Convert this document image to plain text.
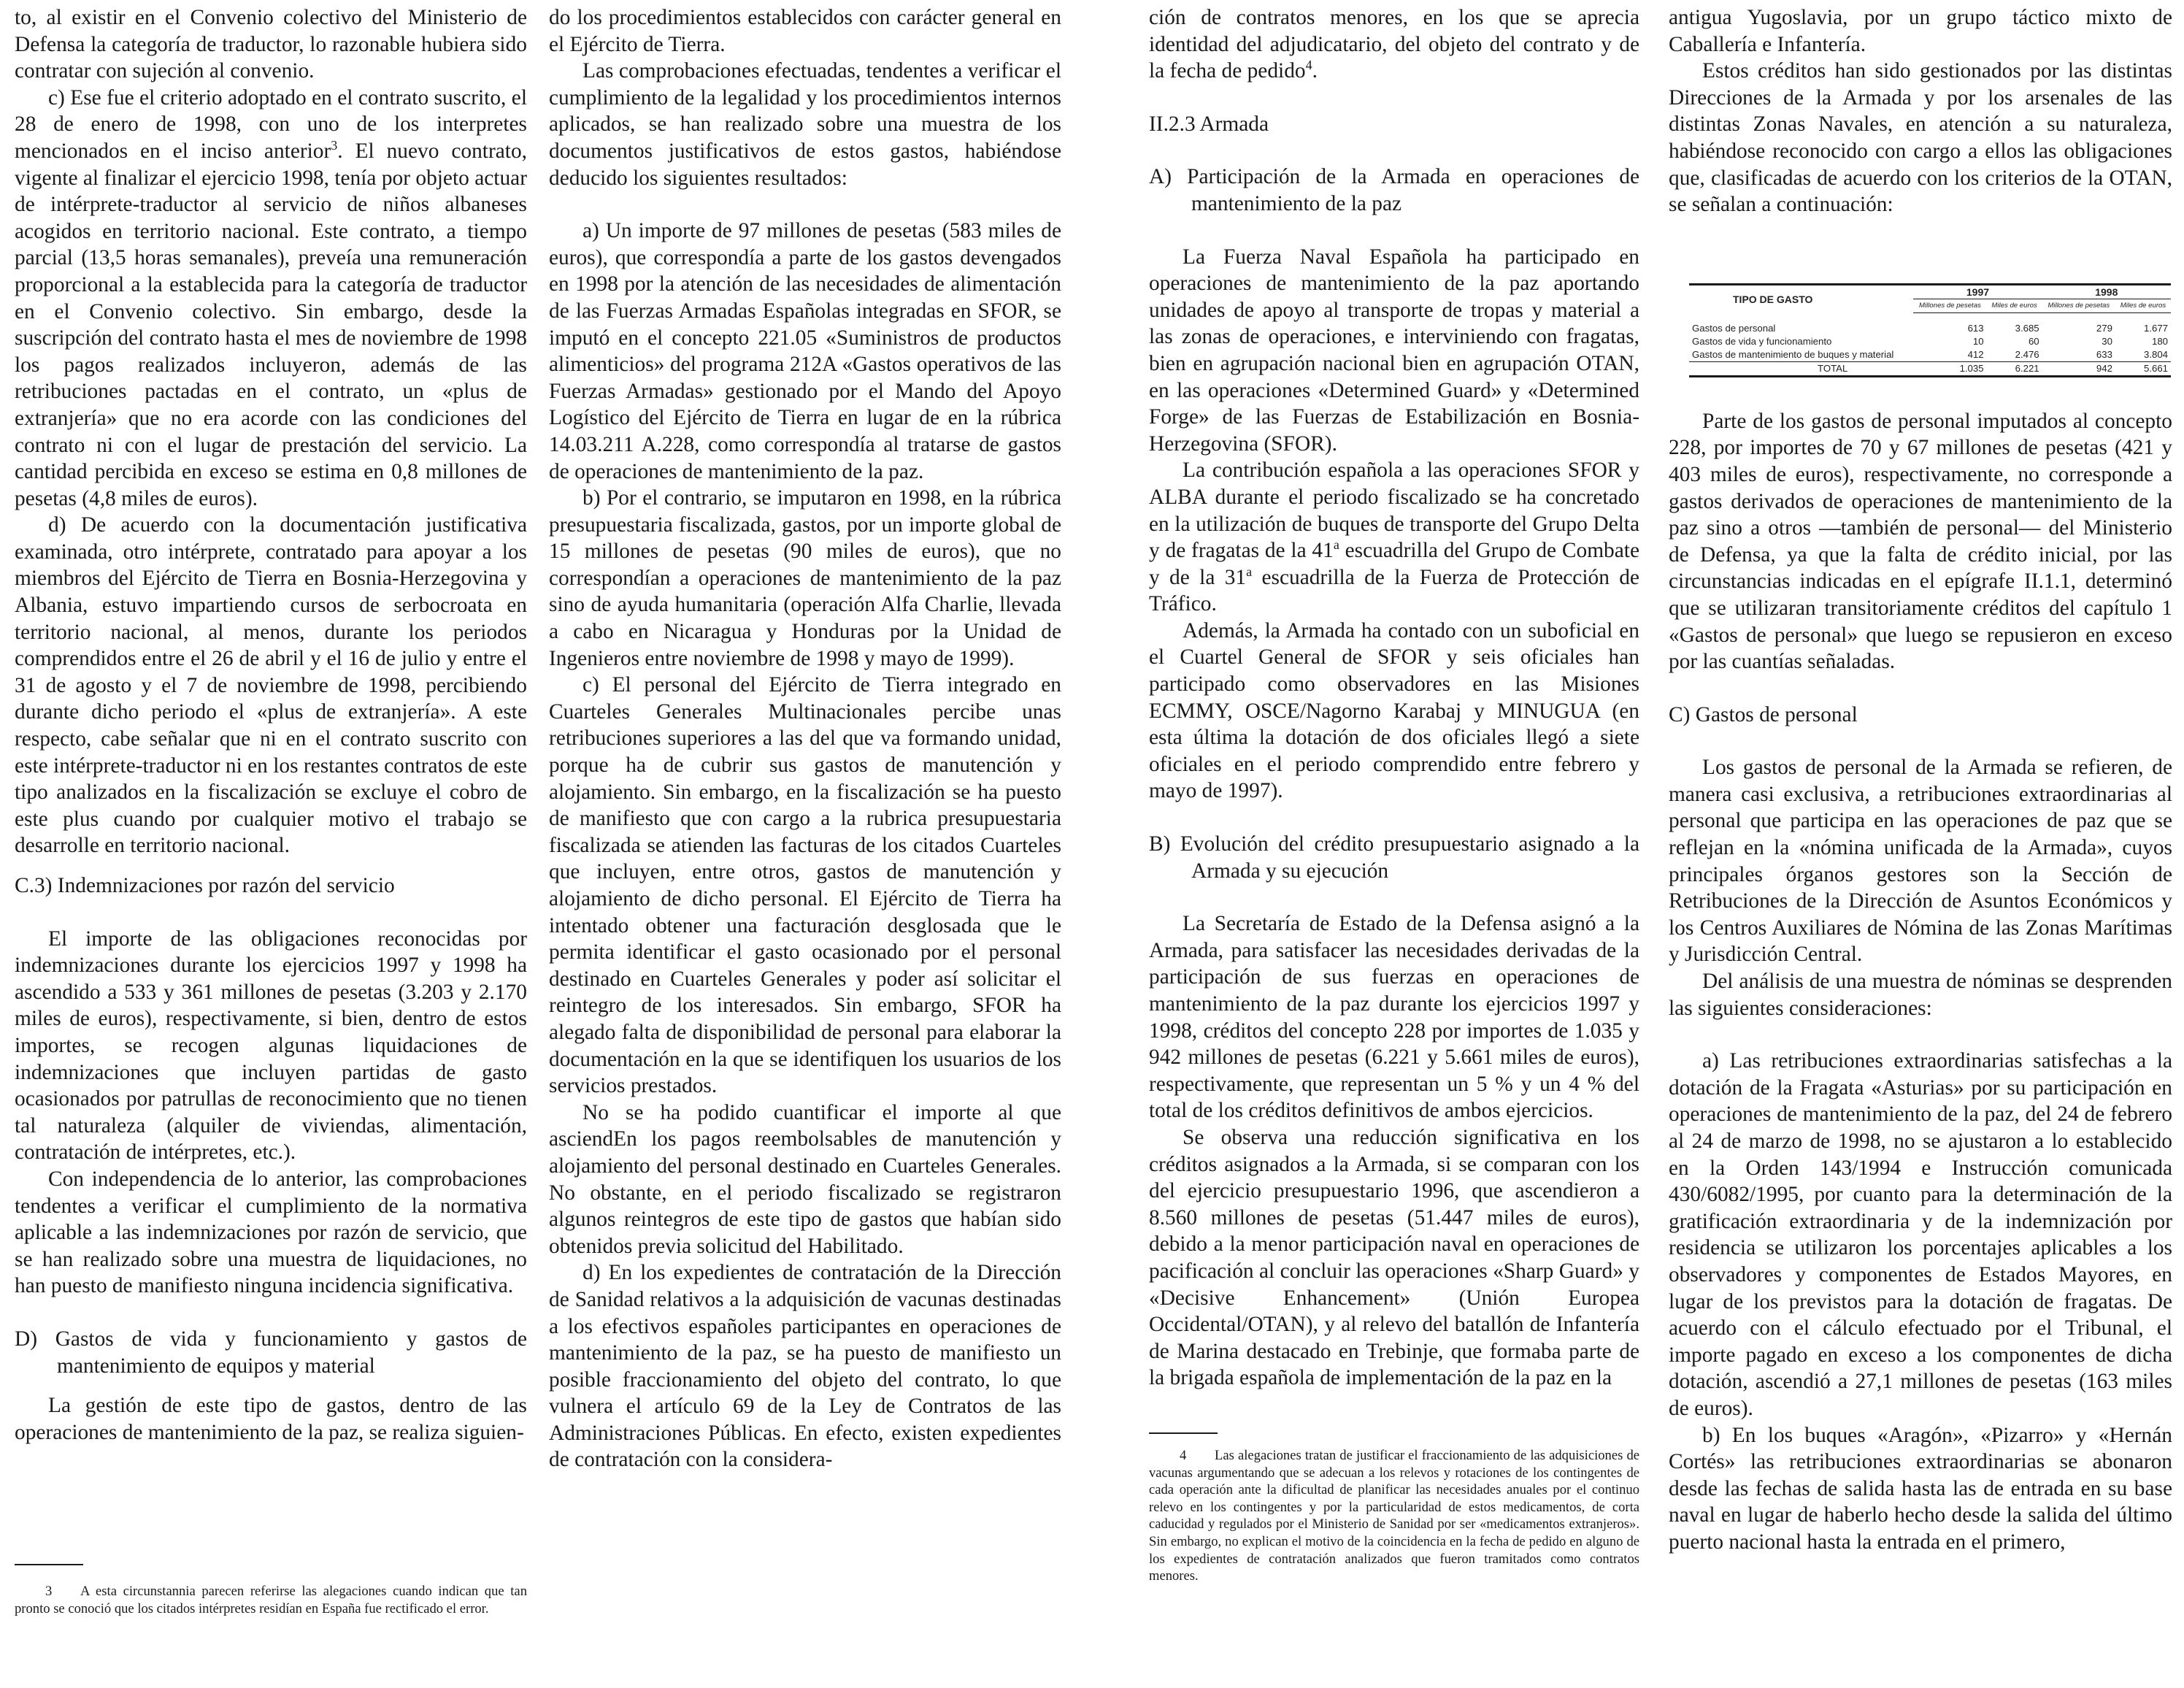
to, al existir en el Convenio colectivo del Ministerio de Defensa la categoría de traductor, lo razonable hubiera sido contratar con sujeción al convenio.

c) Ese fue el criterio adoptado en el contrato suscrito, el 28 de enero de 1998, con uno de los interpretes mencionados en el inciso anterior$^3$. El nuevo contrato, vigente al finalizar el ejercicio 1998, tenía por objeto actuar de intérprete-traductor al servicio de niños albaneses acogidos en territorio nacional. Este contrato, a tiempo parcial (13,5 horas semanales), preveía una remuneración proporcional a la establecida para la categoría de traductor en el Convenio colectivo. Sin embargo, desde la suscripción del contrato hasta el mes de noviembre de 1998 los pagos realizados incluyeron, además de las retribuciones pactadas en el contrato, un «plus de extranjería» que no era acorde con las condiciones del contrato ni con el lugar de prestación del servicio. La cantidad percibida en exceso se estima en 0,8 millones de pesetas (4,8 miles de euros).

d) De acuerdo con la documentación justificativa examinada, otro intérprete, contratado para apoyar a los miembros del Ejército de Tierra en Bosnia-Herzegovina y Albania, estuvo impartiendo cursos de serbocroata en territorio nacional, al menos, durante los periodos comprendidos entre el 26 de abril y el 16 de julio y entre el 31 de agosto y el 7 de noviembre de 1998, percibiendo durante dicho periodo el «plus de extranjería». A este respecto, cabe señalar que ni en el contrato suscrito con este intérprete-traductor ni en los restantes contratos de este tipo analizados en la fiscalización se excluye el cobro de este plus cuando por cualquier motivo el trabajo se desarrolle en territorio nacional.

C.3) Indemnizaciones por razón del servicio

El importe de las obligaciones reconocidas por indemnizaciones durante los ejercicios 1997 y 1998 ha ascendido a 533 y 361 millones de pesetas (3.203 y 2.170 miles de euros), respectivamente, si bien, dentro de estos importes, se recogen algunas liquidaciones de indemnizaciones que incluyen partidas de gasto ocasionados por patrullas de reconocimiento que no tienen tal naturaleza (alquiler de viviendas, alimentación, contratación de intérpretes, etc.).

Con independencia de lo anterior, las comprobaciones tendentes a verificar el cumplimiento de la normativa aplicable a las indemnizaciones por razón de servicio, que se han realizado sobre una muestra de liquidaciones, no han puesto de manifiesto ninguna incidencia significativa.

D) Gastos de vida y funcionamiento y gastos de mantenimiento de equipos y material

La gestión de este tipo de gastos, dentro de las operaciones de mantenimiento de la paz, se realiza siguien-

3 A esta circunstannia parecen referirse las alegaciones cuando indican que tan pronto se conoció que los citados intérpretes residían en España fue rectificado el error.

do los procedimientos establecidos con carácter general en el Ejército de Tierra.

Las comprobaciones efectuadas, tendentes a verificar el cumplimiento de la legalidad y los procedimientos internos aplicados, se han realizado sobre una muestra de los documentos justificativos de estos gastos, habiéndose deducido los siguientes resultados:

a) Un importe de 97 millones de pesetas (583 miles de euros), que correspondía a parte de los gastos devengados en 1998 por la atención de las necesidades de alimentación de las Fuerzas Armadas Españolas integradas en SFOR, se imputó en el concepto 221.05 «Suministros de productos alimenticios» del programa 212A «Gastos operativos de las Fuerzas Armadas» gestionado por el Mando del Apoyo Logístico del Ejército de Tierra en lugar de en la rúbrica 14.03.211 A.228, como correspondía al tratarse de gastos de operaciones de mantenimiento de la paz.

b) Por el contrario, se imputaron en 1998, en la rúbrica presupuestaria fiscalizada, gastos, por un importe global de 15 millones de pesetas (90 miles de euros), que no correspondían a operaciones de mantenimiento de la paz sino de ayuda humanitaria (operación Alfa Charlie, llevada a cabo en Nicaragua y Honduras por la Unidad de Ingenieros entre noviembre de 1998 y mayo de 1999).

c) El personal del Ejército de Tierra integrado en Cuarteles Generales Multinacionales percibe unas retribuciones superiores a las del que va formando unidad, porque ha de cubrir sus gastos de manutención y alojamiento. Sin embargo, en la fiscalización se ha puesto de manifiesto que con cargo a la rubrica presupuestaria fiscalizada se atienden las facturas de los citados Cuarteles que incluyen, entre otros, gastos de manutención y alojamiento de dicho personal. El Ejército de Tierra ha intentado obtener una facturación desglosada que le permita identificar el gasto ocasionado por el personal destinado en Cuarteles Generales y poder así solicitar el reintegro de los interesados. Sin embargo, SFOR ha alegado falta de disponibilidad de personal para elaborar la documentación en la que se identifiquen los usuarios de los servicios prestados.

No se ha podido cuantificar el importe al que asciendEn los pagos reembolsables de manutención y alojamiento del personal destinado en Cuarteles Generales. No obstante, en el periodo fiscalizado se registraron algunos reintegros de este tipo de gastos que habían sido obtenidos previa solicitud del Habilitado.

d) En los expedientes de contratación de la Dirección de Sanidad relativos a la adquisición de vacunas destinadas a los efectivos españoles participantes en operaciones de mantenimiento de la paz, se ha puesto de manifiesto un posible fraccionamiento del objeto del contrato, lo que vulnera el artículo 69 de la Ley de Contratos de las Administraciones Públicas. En efecto, existen expedientes de contratación con la considera-

ción de contratos menores, en los que se aprecia identidad del adjudicatario, del objeto del contrato y de la fecha de pedido$^4$.

II.2.3 Armada

A) Participación de la Armada en operaciones de mantenimiento de la paz

La Fuerza Naval Española ha participado en operaciones de mantenimiento de la paz aportando unidades de apoyo al transporte de tropas y material a las zonas de operaciones, e interviniendo con fragatas, bien en agrupación nacional bien en agrupación OTAN, en las operaciones «Determined Guard» y «Determined Forge» de las Fuerzas de Estabilización en Bosnia-Herzegovina (SFOR).

La contribución española a las operaciones SFOR y ALBA durante el periodo fiscalizado se ha concretado en la utilización de buques de transporte del Grupo Delta y de fragatas de la 41$^a$ escuadrilla del Grupo de Combate y de la 31$^a$ escuadrilla de la Fuerza de Protección de Tráfico.

Además, la Armada ha contado con un suboficial en el Cuartel General de SFOR y seis oficiales han participado como observadores en las Misiones ECMMY, OSCE/Nagorno Karabaj y MINUGUA (en esta última la dotación de dos oficiales llegó a siete oficiales en el periodo comprendido entre febrero y mayo de 1997).

B) Evolución del crédito presupuestario asignado a la Armada y su ejecución

La Secretaría de Estado de la Defensa asignó a la Armada, para satisfacer las necesidades derivadas de la participación de sus fuerzas en operaciones de mantenimiento de la paz durante los ejercicios 1997 y 1998, créditos del concepto 228 por importes de 1.035 y 942 millones de pesetas (6.221 y 5.661 miles de euros), respectivamente, que representan un 5 % y un 4 % del total de los créditos definitivos de ambos ejercicios.

Se observa una reducción significativa en los créditos asignados a la Armada, si se comparan con los del ejercicio presupuestario 1996, que ascendieron a 8.560 millones de pesetas (51.447 miles de euros), debido a la menor participación naval en operaciones de pacificación al concluir las operaciones «Sharp Guard» y «Decisive Enhancement» (Unión Europea Occidental/OTAN), y al relevo del batallón de Infantería de Marina destacado en Trebinje, que formaba parte de la brigada española de implementación de la paz en la

4 Las alegaciones tratan de justificar el fraccionamiento de las adquisiciones de vacunas argumentando que se adecuan a los relevos y rotaciones de los contingentes de cada operación ante la dificultad de planificar las necesidades anuales por el continuo relevo en los contingentes y por la particularidad de estos medicamentos, de corta caducidad y regulados por el Ministerio de Sanidad por ser «medicamentos extranjeros». Sin embargo, no explican el motivo de la coincidencia en la fecha de pedido en alguno de los expedientes de contratación analizados que fueron tramitados como contratos menores.

antigua Yugoslavia, por un grupo táctico mixto de Caballería e Infantería.

Estos créditos han sido gestionados por las distintas Direcciones de la Armada y por los arsenales de las distintas Zonas Navales, en atención a su naturaleza, habiéndose reconocido con cargo a ellos las obligaciones que, clasificadas de acuerdo con los criterios de la OTAN, se señalan a continuación:

Parte de los gastos de personal imputados al concepto 228, por importes de 70 y 67 millones de pesetas (421 y 403 miles de euros), respectivamente, no corresponde a gastos derivados de operaciones de mantenimiento de la paz sino a otros —también de personal— del Ministerio de Defensa, ya que la falta de crédito inicial, por las circunstancias indicadas en el epígrafe II.1.1, determinó que se utilizaran transitoriamente créditos del capítulo 1 «Gastos de personal» que luego se repusieron en exceso por las cuantías señaladas.

C) Gastos de personal

Los gastos de personal de la Armada se refieren, de manera casi exclusiva, a retribuciones extraordinarias al personal que participa en las operaciones de paz que se reflejan en la «nómina unificada de la Armada», cuyos principales órganos gestores son la Sección de Retribuciones de la Dirección de Asuntos Económicos y los Centros Auxiliares de Nómina de las Zonas Marítimas y Jurisdicción Central.

Del análisis de una muestra de nóminas se desprenden las siguientes consideraciones:

a) Las retribuciones extraordinarias satisfechas a la dotación de la Fragata «Asturias» por su participación en operaciones de mantenimiento de la paz, del 24 de febrero al 24 de marzo de 1998, no se ajustaron a lo establecido en la Orden 143/1994 e Instrucción comunicada 430/6082/1995, por cuanto para la determinación de la gratificación extraordinaria y de la indemnización por residencia se utilizaron los porcentajes aplicables a los observadores y componentes de Estados Mayores, en lugar de los previstos para la dotación de fragatas. De acuerdo con el cálculo efectuado por el Tribunal, el importe pagado en exceso a los componentes de dicha dotación, ascendió a 27,1 millones de pesetas (163 miles de euros).

b) En los buques «Aragón», «Pizarro» y «Hernán Cortés» las retribuciones extraordinarias se abonaron desde las fechas de salida hasta las de entrada en su base naval en lugar de haberlo hecho desde la salida del último puerto nacional hasta la entrada en el primero,

TIPO DE GASTO	1997		1998	
	Millones de pesetas	Miles de euros	Millones de pesetas	Miles de euros

Gastos de personal	613	3.685	279	1.677
Gastos de vida y funcionamiento	10	60	30	180
Gastos de mantenimiento de buques y material	412	2.476	633	3.804
TOTAL	1.035	6.221	942	5.661
